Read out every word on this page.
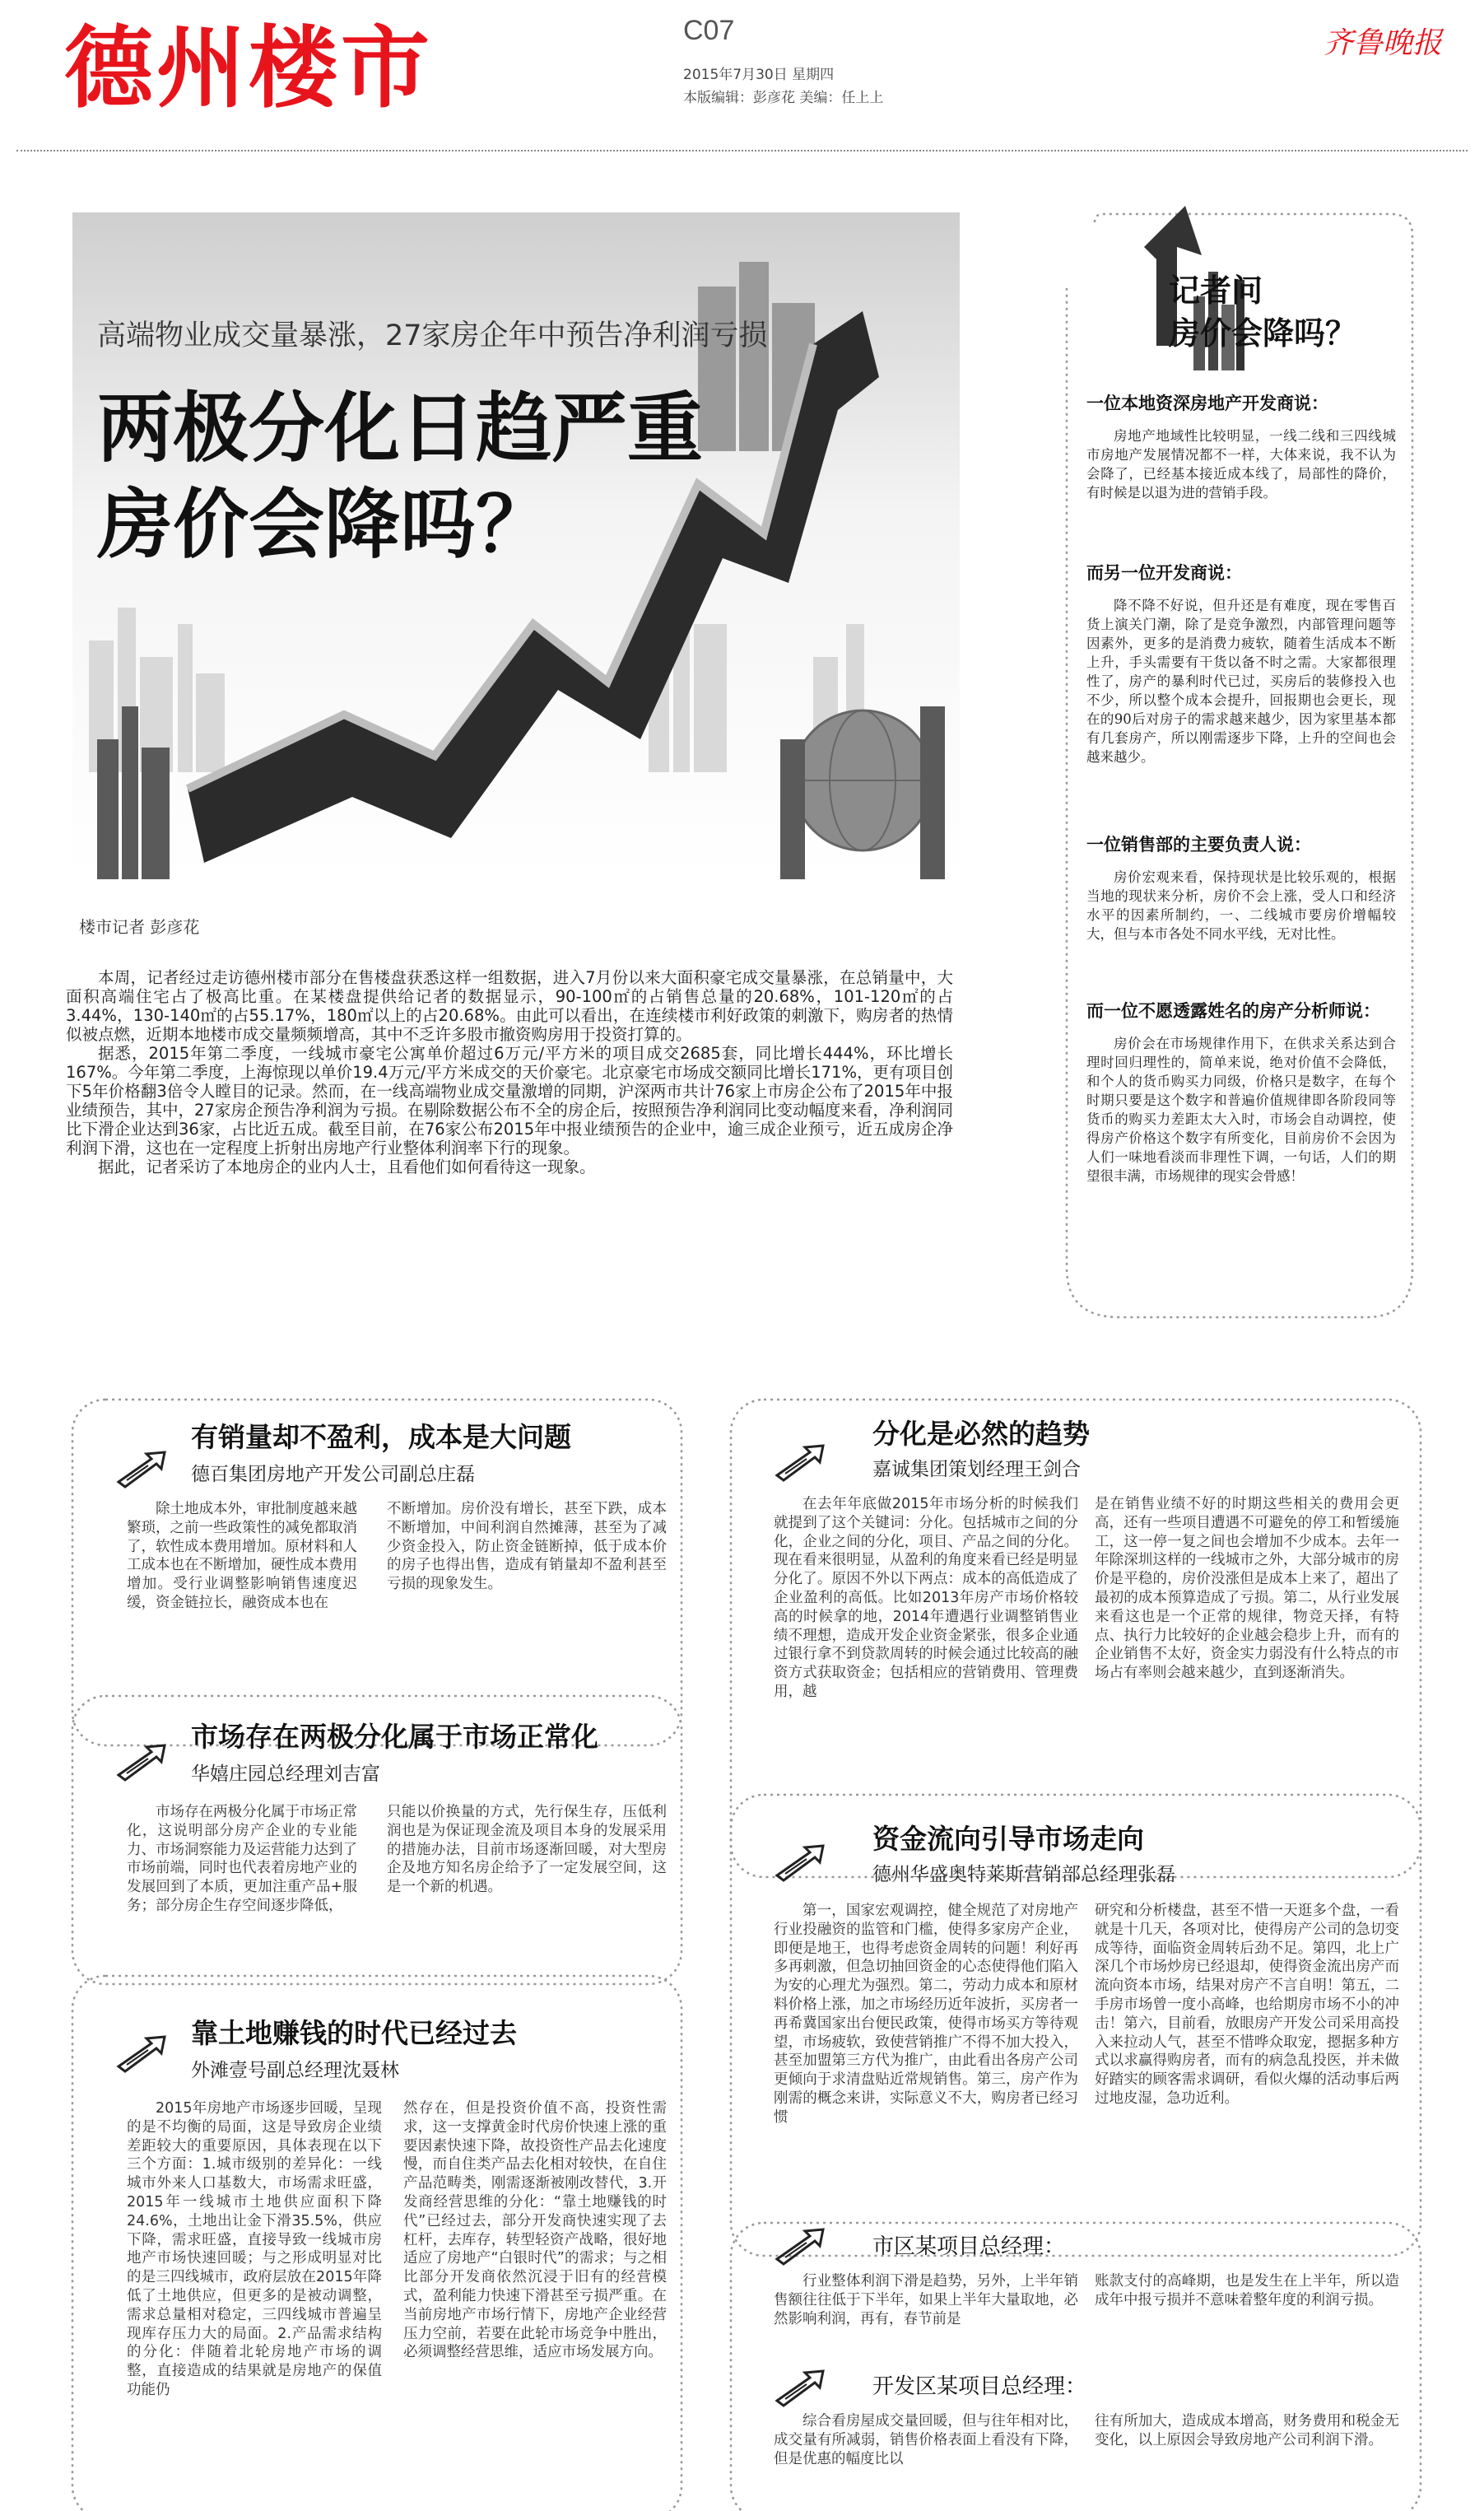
德州楼市	C07
2015年7月30日 星期四
本版编辑：彭彦花 美编：任上上
齐鲁晚报
高端物业成交量暴涨，27家房企年中预告净利润亏损
两极分化日趋严重
房价会降吗？
楼市记者 彭彦花

本周，记者经过走访德州楼市部分在售楼盘获悉这样一组数据，进入7月份以来大面积豪宅成交量暴涨，在总销量中，大面积高端住宅占了极高比重。在某楼盘提供给记者的数据显示，90-100㎡的占销售总量的20.68%，101-120㎡的占3.44%，130-140㎡的占55.17%，180㎡以上的占20.68%。由此可以看出，在连续楼市利好政策的刺激下，购房者的热情似被点燃，近期本地楼市成交量频频增高，其中不乏许多股市撤资购房用于投资打算的。

据悉，2015年第二季度，一线城市豪宅公寓单价超过6万元/平方米的项目成交2685套，同比增长444%，环比增长167%。今年第二季度，上海惊现以单价19.4万元/平方米成交的天价豪宅。北京豪宅市场成交额同比增长171%，更有项目创下5年价格翻3倍令人瞠目的记录。然而，在一线高端物业成交量激增的同期，沪深两市共计76家上市房企公布了2015年中报业绩预告，其中，27家房企预告净利润为亏损。在剔除数据公布不全的房企后，按照预告净利润同比变动幅度来看，净利润同比下滑企业达到36家，占比近五成。截至目前，在76家公布2015年中报业绩预告的企业中，逾三成企业预亏，近五成房企净利润下滑，这也在一定程度上折射出房地产行业整体利润率下行的现象。

据此，记者采访了本地房企的业内人士，且看他们如何看待这一现象。

记者问
房价会降吗？
一位本地资深房地产开发商说：

房地产地域性比较明显，一线二线和三四线城市房地产发展情况都不一样，大体来说，我不认为会降了，已经基本接近成本线了，局部性的降价，有时候是以退为进的营销手段。

而另一位开发商说：

降不降不好说，但升还是有难度，现在零售百货上演关门潮，除了是竞争激烈，内部管理问题等因素外，更多的是消费力疲软，随着生活成本不断上升，手头需要有干货以备不时之需。大家都很理性了，房产的暴利时代已过，买房后的装修投入也不少，所以整个成本会提升，回报期也会更长，现在的90后对房子的需求越来越少，因为家里基本都有几套房产，所以刚需逐步下降，上升的空间也会越来越少。

一位销售部的主要负责人说：

房价宏观来看，保持现状是比较乐观的，根据当地的现状来分析，房价不会上涨，受人口和经济水平的因素所制约，一、二线城市要房价增幅较大，但与本市各处不同水平线，无对比性。

而一位不愿透露姓名的房产分析师说：

房价会在市场规律作用下，在供求关系达到合理时回归理性的，简单来说，绝对价值不会降低，和个人的货币购买力同级，价格只是数字，在每个时期只要是这个数字和普遍价值规律即各阶段同等货币的购买力差距太大入时，市场会自动调控，使得房产价格这个数字有所变化，目前房价不会因为人们一味地看淡而非理性下调，一句话，人们的期望很丰满，市场规律的现实会骨感！

有销量却不盈利，成本是大问题
德百集团房地产开发公司副总庄磊

除土地成本外，审批制度越来越繁琐，之前一些政策性的减免都取消了，软性成本费用增加。原材料和人工成本也在不断增加，硬性成本费用增加。受行业调整影响销售速度迟缓，资金链拉长，融资成本也在

不断增加。房价没有增长，甚至下跌，成本不断增加，中间利润自然摊薄，甚至为了减少资金投入，防止资金链断掉，低于成本价的房子也得出售，造成有销量却不盈利甚至亏损的现象发生。

分化是必然的趋势
嘉诚集团策划经理王剑合

在去年年底做2015年市场分析的时候我们就提到了这个关键词：分化。包括城市之间的分化，企业之间的分化，项目、产品之间的分化。现在看来很明显，从盈利的角度来看已经是明显分化了。原因不外以下两点：成本的高低造成了企业盈利的高低。比如2013年房产市场价格较高的时候拿的地，2014年遭遇行业调整销售业绩不理想，造成开发企业资金紧张，很多企业通过银行拿不到贷款周转的时候会通过比较高的融资方式获取资金；包括相应的营销费用、管理费用，越

是在销售业绩不好的时期这些相关的费用会更高，还有一些项目遭遇不可避免的停工和暂缓施工，这一停一复之间也会增加不少成本。去年一年除深圳这样的一线城市之外，大部分城市的房价是平稳的，房价没涨但是成本上来了，超出了最初的成本预算造成了亏损。第二，从行业发展来看这也是一个正常的规律，物竞天择，有特点、执行力比较好的企业越会稳步上升，而有的企业销售不太好，资金实力弱没有什么特点的市场占有率则会越来越少，直到逐渐消失。

市场存在两极分化属于市场正常化
华嬉庄园总经理刘吉富

市场存在两极分化属于市场正常化，这说明部分房产企业的专业能力、市场洞察能力及运营能力达到了市场前端，同时也代表着房地产业的发展回到了本质，更加注重产品+服务；部分房企生存空间逐步降低，

只能以价换量的方式，先行保生存，压低利润也是为保证现金流及项目本身的发展采用的措施办法，目前市场逐渐回暖，对大型房企及地方知名房企给予了一定发展空间，这是一个新的机遇。

资金流向引导市场走向
德州华盛奥特莱斯营销部总经理张磊

第一，国家宏观调控，健全规范了对房地产行业投融资的监管和门槛，使得多家房产企业，即便是地王，也得考虑资金周转的问题！利好再多再刺激，但急切抽回资金的心态使得他们陷入为安的心理尤为强烈。第二，劳动力成本和原材料价格上涨，加之市场经历近年波折，买房者一再希冀国家出台便民政策，使得市场买方等待观望，市场疲软，致使营销推广不得不加大投入，甚至加盟第三方代为推广，由此看出各房产公司更倾向于求清盘贴近常规销售。第三，房产作为刚需的概念来讲，实际意义不大，购房者已经习惯

研究和分析楼盘，甚至不惜一天逛多个盘，一看就是十几天，各项对比，使得房产公司的急切变成等待，面临资金周转后劲不足。第四，北上广深几个市场炒房已经退却，使得资金流出房产而流向资本市场，结果对房产不言自明！第五，二手房市场曾一度小高峰，也给期房市场不小的冲击！第六，目前看，放眼房产开发公司采用高投入来拉动人气，甚至不惜哗众取宠，摁据多种方式以求赢得购房者，而有的病急乱投医，并未做好踏实的顾客需求调研，看似火爆的活动事后两过地皮湿，急功近利。

靠土地赚钱的时代已经过去
外滩壹号副总经理沈聂林

2015年房地产市场逐步回暖，呈现的是不均衡的局面，这是导致房企业绩差距较大的重要原因，具体表现在以下三个方面：1.城市级别的差异化：一线城市外来人口基数大，市场需求旺盛，2015年一线城市土地供应面积下降24.6%，土地出让金下滑35.5%，供应下降，需求旺盛，直接导致一线城市房地产市场快速回暖；与之形成明显对比的是三四线城市，政府层放在2015年降低了土地供应，但更多的是被动调整，需求总量相对稳定，三四线城市普遍呈现库存压力大的局面。2.产品需求结构的分化：伴随着北轮房地产市场的调整，直接造成的结果就是房地产的保值功能仍

然存在，但是投资价值不高，投资性需求，这一支撑黄金时代房价快速上涨的重要因素快速下降，故投资性产品去化速度慢，而自住类产品去化相对较快，在自住产品范畴类，刚需逐渐被刚改替代，3.开发商经营思维的分化：“靠土地赚钱的时代”已经过去，部分开发商快速实现了去杠杆，去库存，转型轻资产战略，很好地适应了房地产“白银时代”的需求；与之相比部分开发商依然沉浸于旧有的经营模式，盈利能力快速下滑甚至亏损严重。在当前房地产市场行情下，房地产企业经营压力空前，若要在此轮市场竞争中胜出，必须调整经营思维，适应市场发展方向。

市区某项目总经理：

行业整体利润下滑是趋势，另外，上半年销售额往往低于下半年，如果上半年大量取地，必然影响利润，再有，春节前是

账款支付的高峰期，也是发生在上半年，所以造成年中报亏损并不意味着整年度的利润亏损。

开发区某项目总经理：

综合看房屋成交量回暖，但与往年相对比，成交量有所减弱，销售价格表面上看没有下降，但是优惠的幅度比以

往有所加大，造成成本增高，财务费用和税金无变化，以上原因会导致房地产公司利润下滑。
